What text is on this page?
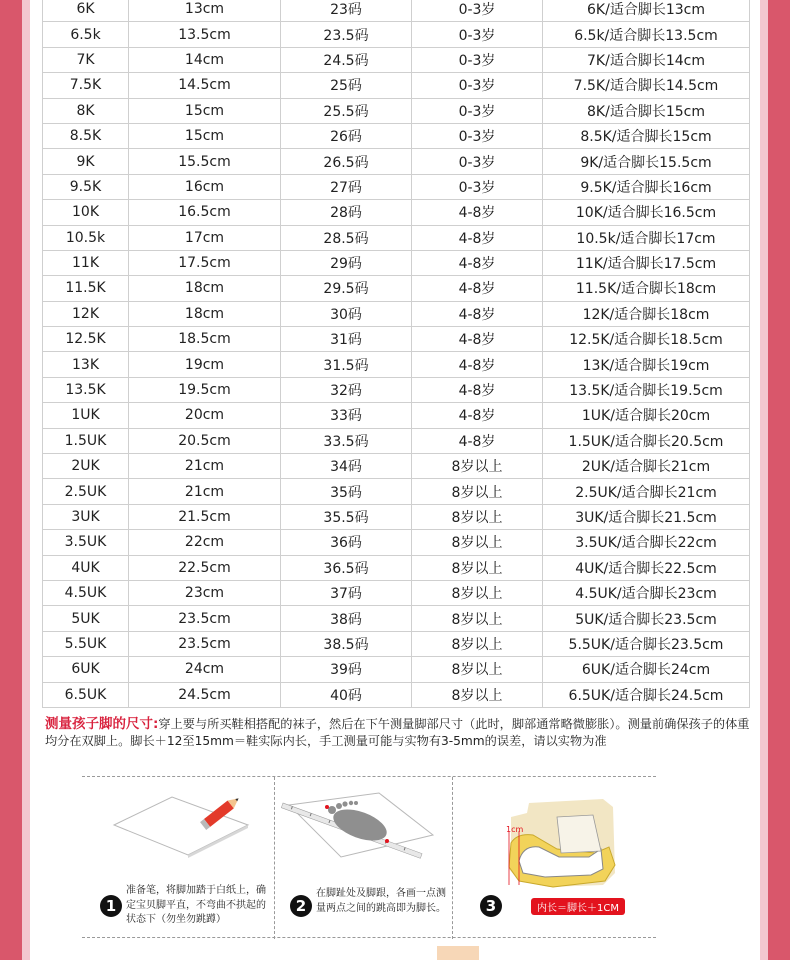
6K	13cm	23码	0-3岁	6K/适合脚长13cm
6.5k	13.5cm	23.5码	0-3岁	6.5k/适合脚长13.5cm
7K	14cm	24.5码	0-3岁	7K/适合脚长14cm
7.5K	14.5cm	25码	0-3岁	7.5K/适合脚长14.5cm
8K	15cm	25.5码	0-3岁	8K/适合脚长15cm
8.5K	15cm	26码	0-3岁	8.5K/适合脚长15cm
9K	15.5cm	26.5码	0-3岁	9K/适合脚长15.5cm
9.5K	16cm	27码	0-3岁	9.5K/适合脚长16cm
10K	16.5cm	28码	4-8岁	10K/适合脚长16.5cm
10.5k	17cm	28.5码	4-8岁	10.5k/适合脚长17cm
11K	17.5cm	29码	4-8岁	11K/适合脚长17.5cm
11.5K	18cm	29.5码	4-8岁	11.5K/适合脚长18cm
12K	18cm	30码	4-8岁	12K/适合脚长18cm
12.5K	18.5cm	31码	4-8岁	12.5K/适合脚长18.5cm
13K	19cm	31.5码	4-8岁	13K/适合脚长19cm
13.5K	19.5cm	32码	4-8岁	13.5K/适合脚长19.5cm
1UK	20cm	33码	4-8岁	1UK/适合脚长20cm
1.5UK	20.5cm	33.5码	4-8岁	1.5UK/适合脚长20.5cm
2UK	21cm	34码	8岁以上	2UK/适合脚长21cm
2.5UK	21cm	35码	8岁以上	2.5UK/适合脚长21cm
3UK	21.5cm	35.5码	8岁以上	3UK/适合脚长21.5cm
3.5UK	22cm	36码	8岁以上	3.5UK/适合脚长22cm
4UK	22.5cm	36.5码	8岁以上	4UK/适合脚长22.5cm
4.5UK	23cm	37码	8岁以上	4.5UK/适合脚长23cm
5UK	23.5cm	38码	8岁以上	5UK/适合脚长23.5cm
5.5UK	23.5cm	38.5码	8岁以上	5.5UK/适合脚长23.5cm
6UK	24cm	39码	8岁以上	6UK/适合脚长24cm
6.5UK	24.5cm	40码	8岁以上	6.5UK/适合脚长24.5cm
测量孩子脚的尺寸:穿上要与所买鞋相搭配的袜子，然后在下午测量脚部尺寸（此时，脚部通常略微膨胀）。测量前确保孩子的体重均分在双脚上。脚长＋12至15mm＝鞋实际内长，手工测量可能与实物有3-5mm的误差，请以实物为准
1
准备笔，将脚加踏于白纸上，确定宝贝脚平直，不弯曲不拱起的状态下（勿坐勿跳蹲）
2
在脚趾处及脚跟，各画一点测量两点之间的跳高即为脚长。
1cm
3	内长＝脚长＋1CM
